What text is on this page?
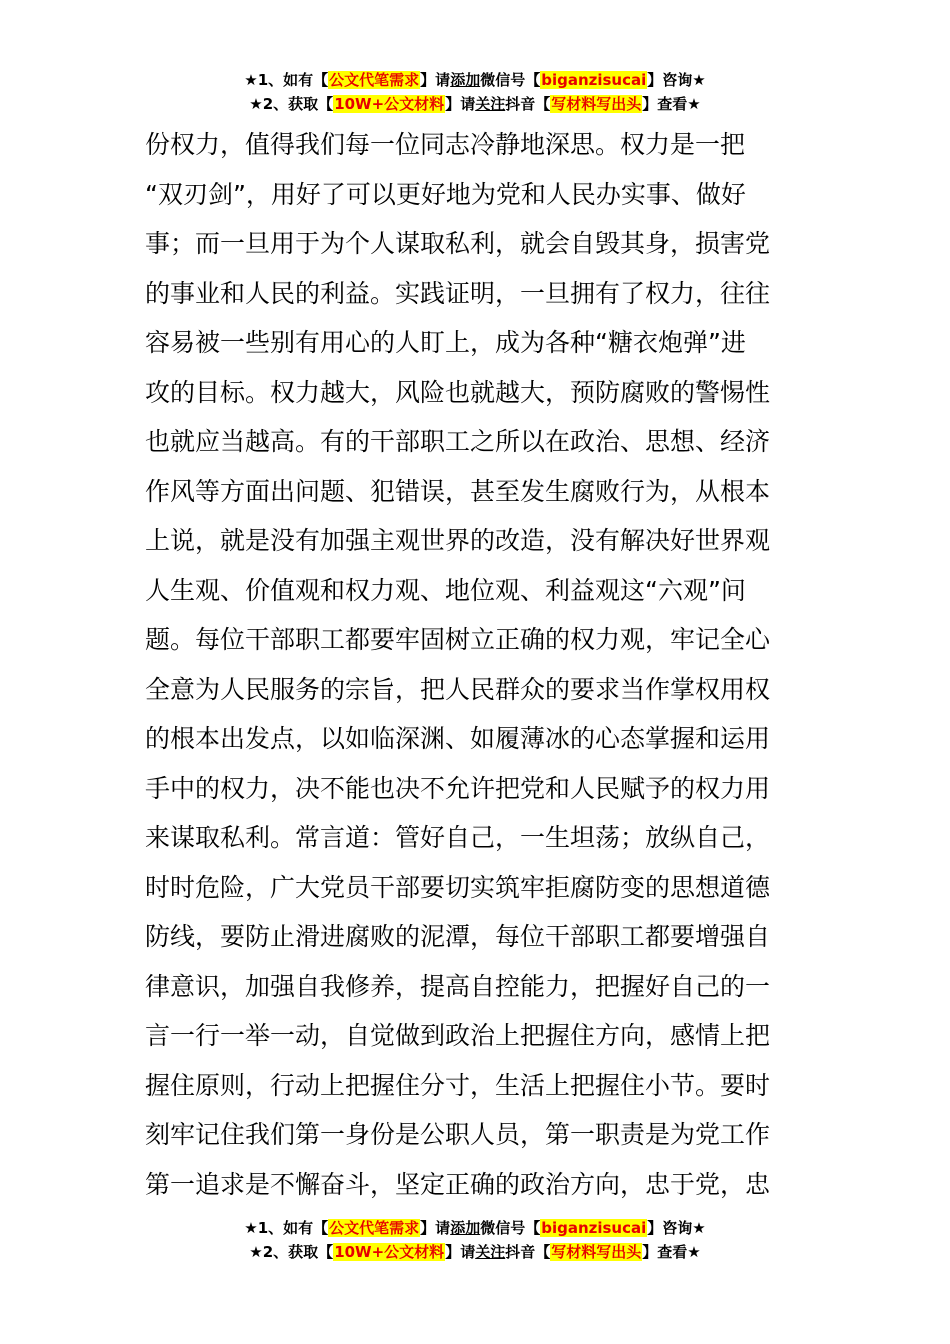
★1、如有【公文代笔需求】请添加微信号【biganzisucai】咨询★
★2、获取【10W+公文材料】请关注抖音【写材料写出头】查看★
份权力，值得我们每一位同志冷静地深思。权力是一把
“双刃剑”，用好了可以更好地为党和人民办实事、做好
事；而一旦用于为个人谋取私利，就会自毁其身，损害党
的事业和人民的利益。实践证明，一旦拥有了权力，往往
容易被一些别有用心的人盯上，成为各种“糖衣炮弹”进
攻的目标。权力越大，风险也就越大，预防腐败的警惕性
也就应当越高。有的干部职工之所以在政治、思想、经济
作风等方面出问题、犯错误，甚至发生腐败行为，从根本
上说，就是没有加强主观世界的改造，没有解决好世界观
人生观、价值观和权力观、地位观、利益观这“六观”问
题。每位干部职工都要牢固树立正确的权力观，牢记全心
全意为人民服务的宗旨，把人民群众的要求当作掌权用权
的根本出发点，以如临深渊、如履薄冰的心态掌握和运用
手中的权力，决不能也决不允许把党和人民赋予的权力用
来谋取私利。常言道：管好自己，一生坦荡；放纵自己，
时时危险，广大党员干部要切实筑牢拒腐防变的思想道德
防线，要防止滑进腐败的泥潭，每位干部职工都要增强自
律意识，加强自我修养，提高自控能力，把握好自己的一
言一行一举一动，自觉做到政治上把握住方向，感情上把
握住原则，行动上把握住分寸，生活上把握住小节。要时
刻牢记住我们第一身份是公职人员，第一职责是为党工作
第一追求是不懈奋斗，坚定正确的政治方向，忠于党，忠
★1、如有【公文代笔需求】请添加微信号【biganzisucai】咨询★
★2、获取【10W+公文材料】请关注抖音【写材料写出头】查看★
